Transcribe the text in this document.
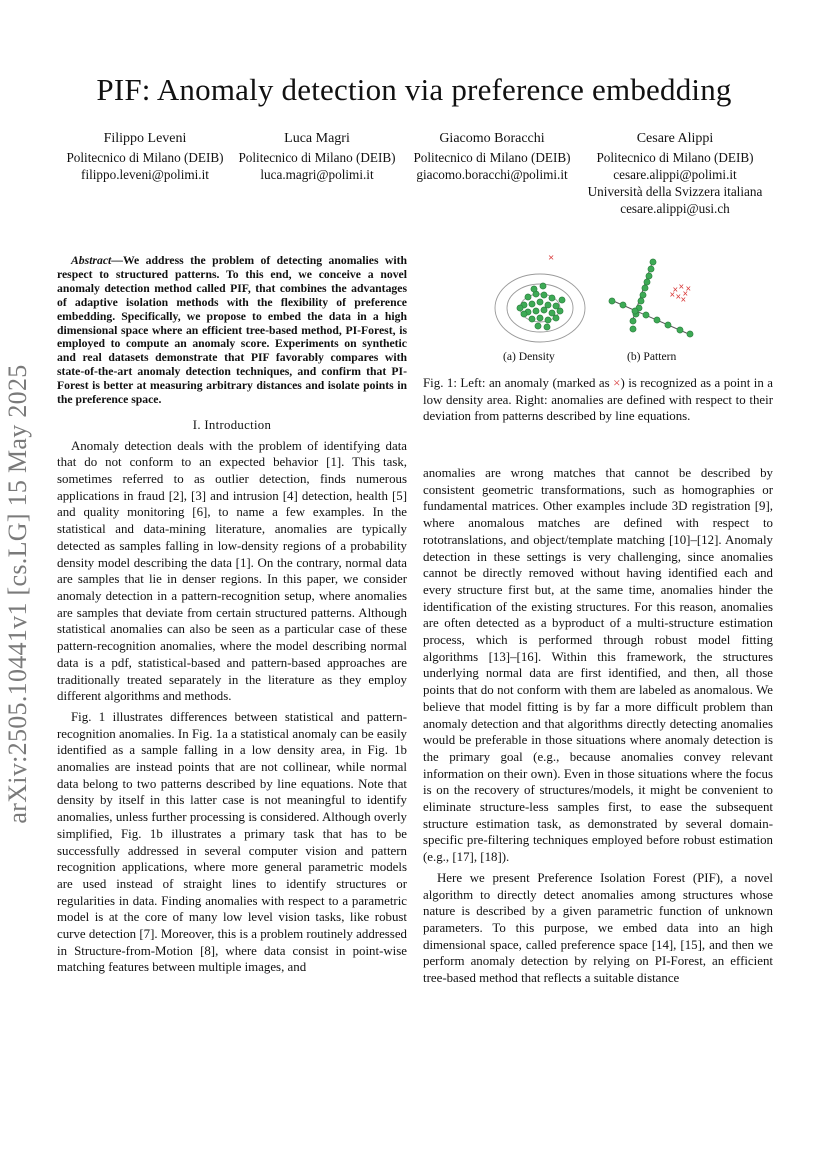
PIF: Anomaly detection via preference embedding
Filippo Leveni
Politecnico di Milano (DEIB)
filippo.leveni@polimi.it
Luca Magri
Politecnico di Milano (DEIB)
luca.magri@polimi.it
Giacomo Boracchi
Politecnico di Milano (DEIB)
giacomo.boracchi@polimi.it
Cesare Alippi
Politecnico di Milano (DEIB)
cesare.alippi@polimi.it
Università della Svizzera italiana
cesare.alippi@usi.ch
arXiv:2505.10441v1 [cs.LG] 15 May 2025

Abstract—We address the problem of detecting anomalies with respect to structured patterns. To this end, we conceive a novel anomaly detection method called PIF, that combines the advantages of adaptive isolation methods with the flexibility of preference embedding. Specifically, we propose to embed the data in a high dimensional space where an efficient tree-based method, PI-Forest, is employed to compute an anomaly score. Experiments on synthetic and real datasets demonstrate that PIF favorably compares with state-of-the-art anomaly detection techniques, and confirm that PI-Forest is better at measuring arbitrary distances and isolate points in the preference space.

I. Introduction

Anomaly detection deals with the problem of identifying data that do not conform to an expected behavior [1]. This task, sometimes referred to as outlier detection, finds numerous applications in fraud [2], [3] and intrusion [4] detection, health [5] and quality monitoring [6], to name a few examples. In the statistical and data-mining literature, anomalies are typically detected as samples falling in low-density regions of a probability density model describing the data [1]. On the contrary, normal data are samples that lie in denser regions. In this paper, we consider anomaly detection in a pattern-recognition setup, where anomalies are samples that deviate from certain structured patterns. Although statistical anomalies can also be seen as a particular case of these pattern-recognition anomalies, where the model describing normal data is a pdf, statistical-based and pattern-based approaches are traditionally treated separately in the literature as they employ different algorithms and methods.

Fig. 1 illustrates differences between statistical and pattern-recognition anomalies. In Fig. 1a a statistical anomaly can be easily identified as a sample falling in a low density area, in Fig. 1b anomalies are instead points that are not collinear, while normal data belong to two patterns described by line equations. Note that density by itself in this latter case is not meaningful to identify anomalies, unless further processing is considered. Although overly simplified, Fig. 1b illustrates a primary task that has to be successfully addressed in several computer vision and pattern recognition applications, where more general parametric models are used instead of straight lines to identify structures or regularities in data. Finding anomalies with respect to a parametric model is at the core of many low level vision tasks, like robust curve detection [7]. Moreover, this is a problem routinely addressed in Structure-from-Motion [8], where data consist in point-wise matching features between multiple images, and

×
× ×
×
× ×
×
×
(a) Density	(b) Pattern
Fig. 1: Left: an anomaly (marked as ×) is recognized as a point in a low density area. Right: anomalies are defined with respect to their deviation from patterns described by line equations.

anomalies are wrong matches that cannot be described by consistent geometric transformations, such as homographies or fundamental matrices. Other examples include 3D registration [9], where anomalous matches are defined with respect to rototranslations, and object/template matching [10]–[12]. Anomaly detection in these settings is very challenging, since anomalies cannot be directly removed without having identified each and every structure first but, at the same time, anomalies hinder the identification of the existing structures. For this reason, anomalies are often detected as a byproduct of a multi-structure estimation process, which is performed through robust model fitting algorithms [13]–[16]. Within this framework, the structures underlying normal data are first identified, and then, all those points that do not conform with them are labeled as anomalous. We believe that model fitting is by far a more difficult problem than anomaly detection and that algorithms directly detecting anomalies would be preferable in those situations where anomaly detection is the primary goal (e.g., because anomalies convey relevant information on their own). Even in those situations where the focus is on the recovery of structures/models, it might be convenient to eliminate structure-less samples first, to ease the subsequent structure estimation task, as demonstrated by several domain-specific pre-filtering techniques employed before robust estimation (e.g., [17], [18]).

Here we present Preference Isolation Forest (PIF), a novel algorithm to directly detect anomalies among structures whose nature is described by a given parametric function of unknown parameters. To this purpose, we embed data into an high dimensional space, called preference space [14], [15], and then we perform anomaly detection by relying on PI-Forest, an efficient tree-based method that reflects a suitable distance
